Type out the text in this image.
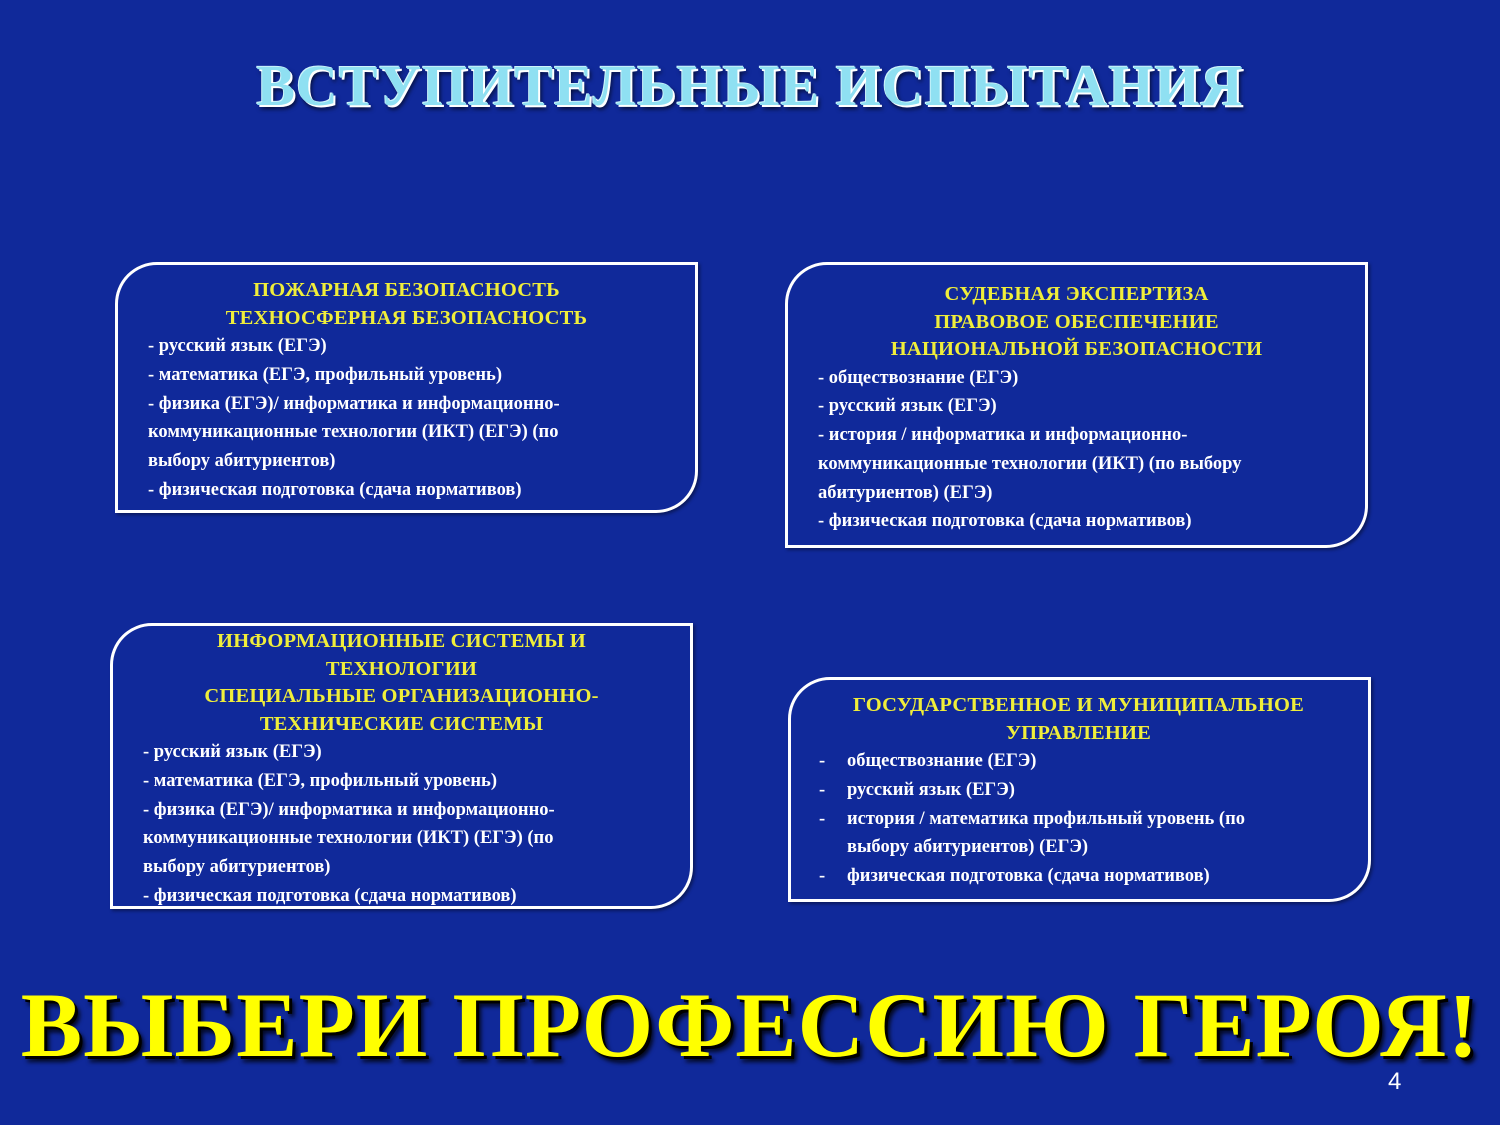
ВСТУПИТЕЛЬНЫЕ ИСПЫТАНИЯ
ПОЖАРНАЯ БЕЗОПАСНОСТЬ
ТЕХНОСФЕРНАЯ БЕЗОПАСНОСТЬ
- русский язык (ЕГЭ)
- математика (ЕГЭ, профильный уровень)
- физика (ЕГЭ)/ информатика и информационно-
коммуникационные технологии (ИКТ) (ЕГЭ) (по
выбору абитуриентов)
- физическая подготовка (сдача нормативов)
СУДЕБНАЯ ЭКСПЕРТИЗА
ПРАВОВОЕ ОБЕСПЕЧЕНИЕ
НАЦИОНАЛЬНОЙ БЕЗОПАСНОСТИ
- обществознание (ЕГЭ)
- русский язык (ЕГЭ)
- история / информатика и информационно-
коммуникационные технологии (ИКТ) (по выбору
абитуриентов) (ЕГЭ)
- физическая подготовка (сдача нормативов)
ИНФОРМАЦИОННЫЕ СИСТЕМЫ И
ТЕХНОЛОГИИ
СПЕЦИАЛЬНЫЕ ОРГАНИЗАЦИОННО-
ТЕХНИЧЕСКИЕ СИСТЕМЫ
- русский язык (ЕГЭ)
- математика (ЕГЭ, профильный уровень)
- физика (ЕГЭ)/ информатика и информационно-
коммуникационные технологии (ИКТ) (ЕГЭ) (по
выбору абитуриентов)
- физическая подготовка (сдача нормативов)
ГОСУДАРСТВЕННОЕ И МУНИЦИПАЛЬНОЕ
УПРАВЛЕНИЕ
-	обществознание (ЕГЭ)
-	русский язык (ЕГЭ)
-	история / математика профильный уровень (по
выбору абитуриентов) (ЕГЭ)
-	физическая подготовка (сдача нормативов)
ВЫБЕРИ ПРОФЕССИЮ ГЕРОЯ!
4
